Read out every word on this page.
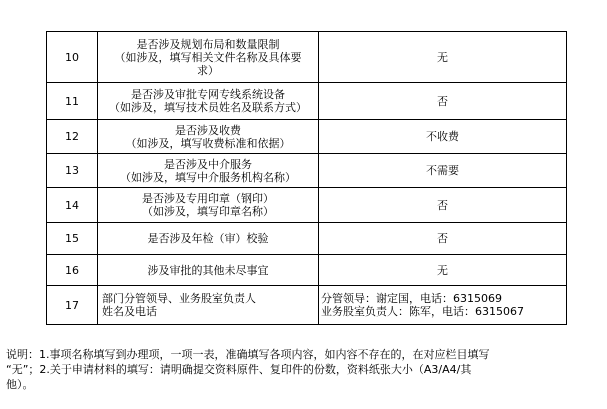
10	是否涉及规划布局和数量限制
（如涉及，填写相关文件名称及具体要
求）	无

11	是否涉及审批专网专线系统设备
（如涉及，填写技术员姓名及联系方式）	否

12	是否涉及收费
（如涉及，填写收费标准和依据）	不收费

13	是否涉及中介服务
（如涉及，填写中介服务机构名称）	不需要

14	是否涉及专用印章（钢印）
（如涉及，填写印章名称）	否

15	是否涉及年检（审）校验	否

16	涉及审批的其他未尽事宜	无

17	部门分管领导、业务股室负责人
姓名及电话	分管领导：谢定国，电话：6315069
业务股室负责人：陈军，电话：6315067
说明：1.事项名称填写到办理项，一项一表，准确填写各项内容，如内容不存在的，在对应栏目填写
“无”；2.关于申请材料的填写：请明确提交资料原件、复印件的份数，资料纸张大小（A3/A4/其
他）。
